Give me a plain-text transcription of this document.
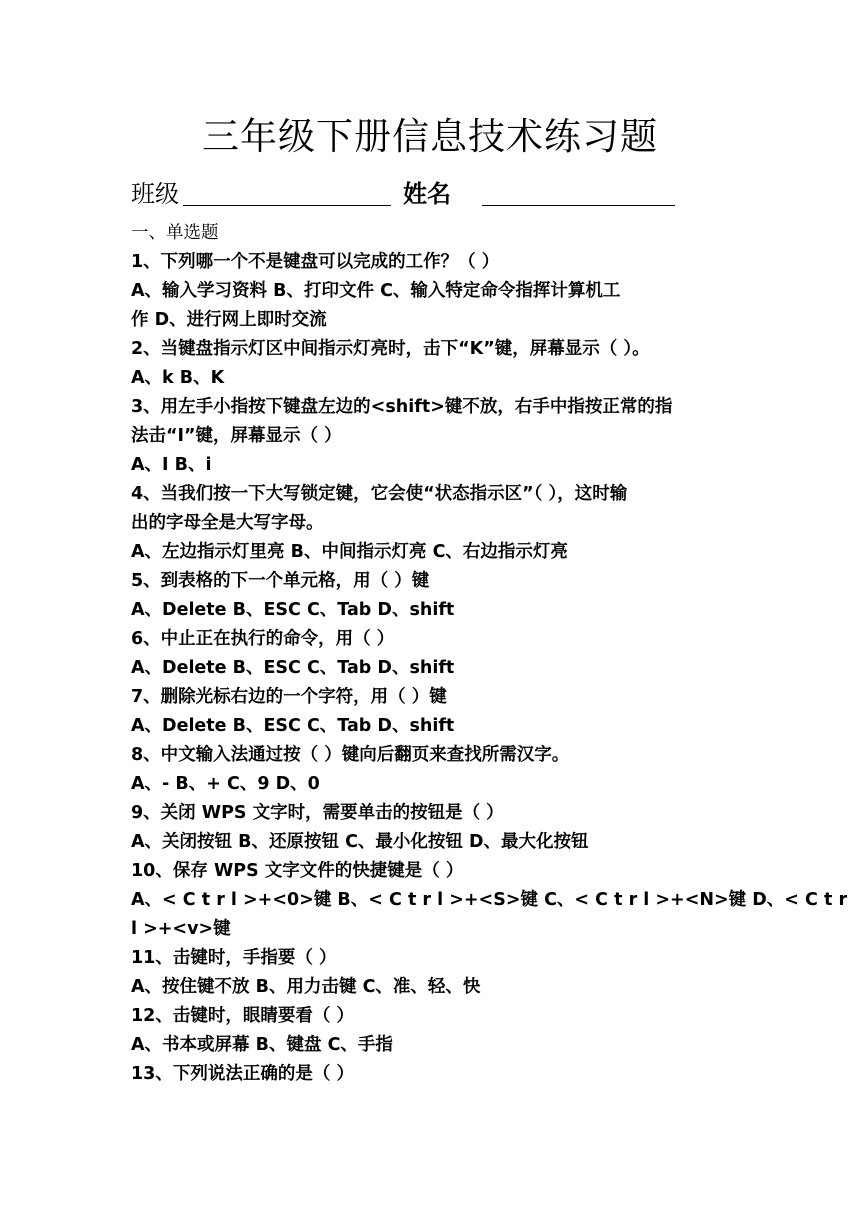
三年级下册信息技术练习题
班级	姓名
一、单选题
1、下列哪一个不是键盘可以完成的工作？（ ）
A、输入学习资料 B、打印文件 C、输入特定命令指挥计算机工
作 D、进行网上即时交流
2、当键盘指示灯区中间指示灯亮时，击下“K”键，屏幕显示（ ）。
A、k B、K
3、用左手小指按下键盘左边的<shift>键不放，右手中指按正常的指
法击“I”键，屏幕显示（ ）
A、I B、i
4、当我们按一下大写锁定键，它会使“状态指示区”（ ），这时输
出的字母全是大写字母。
A、左边指示灯里亮 B、中间指示灯亮 C、右边指示灯亮
5、到表格的下一个单元格，用（ ）键
A、Delete B、ESC C、Tab D、shift
6、中止正在执行的命令，用（ ）
A、Delete B、ESC C、Tab D、shift
7、删除光标右边的一个字符，用（ ）键
A、Delete B、ESC C、Tab D、shift
8、中文输入法通过按（ ）键向后翻页来查找所需汉字。
A、- B、+ C、9 D、0
9、关闭 WPS 文字时，需要单击的按钮是（ ）
A、关闭按钮 B、还原按钮 C、最小化按钮 D、最大化按钮
10、保存 WPS 文字文件的快捷键是（ ）
A、< C t r l >+<0>键 B、< C t r l >+<S>键 C、< C t r l >+<N>键 D、< C t r
l >+<v>键
11、击键时，手指要（ ）
A、按住键不放 B、用力击键 C、准、轻、快
12、击键时，眼睛要看（ ）
A、书本或屏幕 B、键盘 C、手指
13、下列说法正确的是（ ）
